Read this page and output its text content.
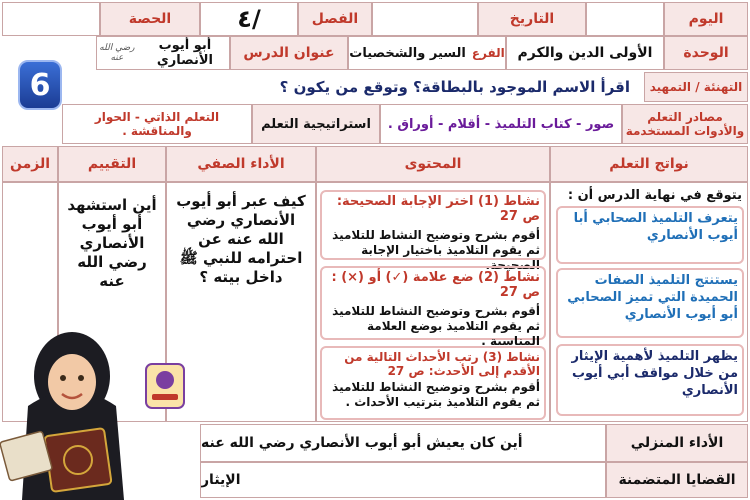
اليوم
التاريخ
الفصل
٤/
الحصة
الوحدة
الأولى الدين والكرم
الفرع
السير والشخصيات
عنوان الدرس
أبو أيوب الأنصاري
رضي الله عنه
6	التهنئة / التمهيد
اقرأ الاسم الموجود بالبطاقة؟ وتوقع من يكون ؟
مصادر التعلم والأدوات المستخدمة
صور - كتاب التلميذ - أقلام - أوراق .
استراتيجية التعلم
التعلم الذاتي - الحوار والمناقشة .
نواتج التعلم
المحتوى
الأداء الصفي
التقييم
الزمن
يتوقع في نهاية الدرس أن :
يتعرف التلميذ الصحابي أبا أيوب الأنصاري
يستنتج التلميذ الصفات الحميدة التي تميز الصحابي أبو أيوب الأنصاري
يظهر التلميذ لأهمية الإيثار من خلال مواقف أبي أيوب الأنصاري
نشاط (1) اختر الإجابة الصحيحة: ص 27
أقوم بشرح وتوضيح النشاط للتلاميذ ثم يقوم التلاميذ باختيار الإجابة الصحيحة.
نشاط (2) ضع علامة (✓) أو (×) : ص 27
أقوم بشرح وتوضيح النشاط للتلاميذ ثم يقوم التلاميذ بوضع العلامة المناسبة .
نشاط (3) رتب الأحداث التالية من الأقدم إلى الأحدث: ص 27
أقوم بشرح وتوضيح النشاط للتلاميذ ثم يقوم التلاميذ بترتيب الأحداث .
كيف عبر أبو أيوب الأنصاري رضي الله عنه عن احترامه للنبي ﷺ داخل بيته ؟
أين استشهد أبو أيوب الأنصاري رضي الله عنه
الأداء المنزلي
أين كان يعيش أبو أيوب الأنصاري رضي الله عنه
القضايا المتضمنة
الإيثار
